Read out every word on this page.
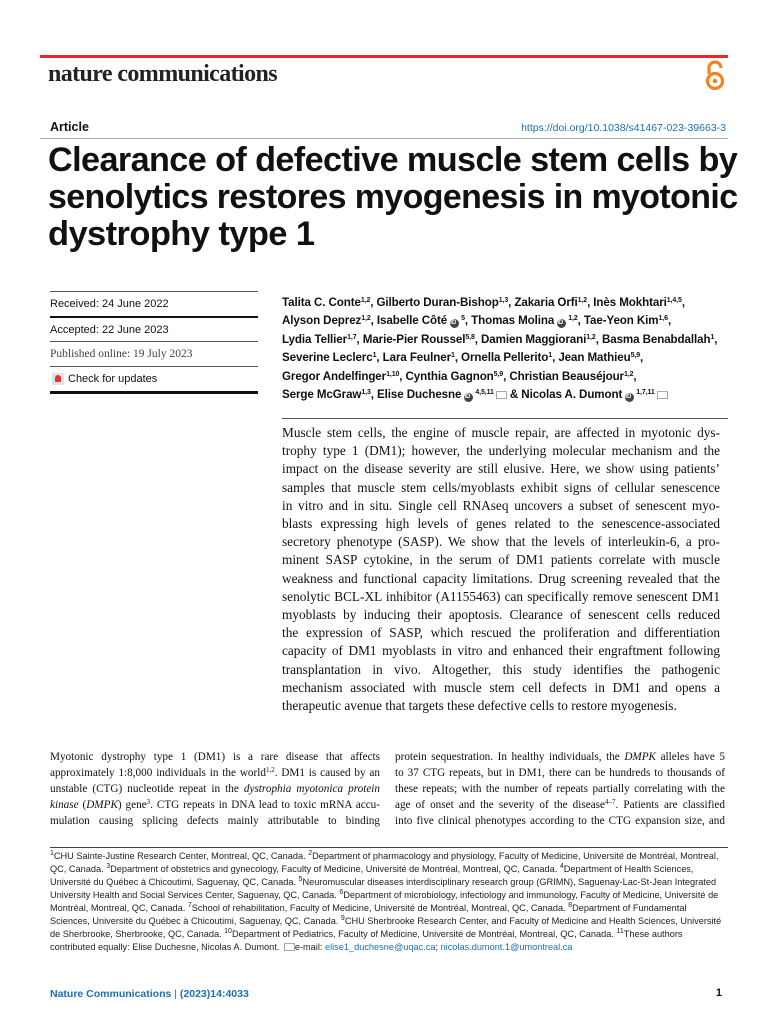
nature communications
Article	https://doi.org/10.1038/s41467-023-39663-3
Clearance of defective muscle stem cells by
senolytics restores myogenesis in myotonic
dystrophy type 1
Received: 24 June 2022
Accepted: 22 June 2023
Published online: 19 July 2023
Check for updates
Talita C. Conte$^{1,2}$, Gilberto Duran-Bishop$^{1,3}$, Zakaria Orfi$^{1,2}$, Inès Mokhtari$^{1,4,5}$,
Alyson Deprez$^{1,2}$, Isabelle Côté iD $^5$, Thomas Molina iD $^{1,2}$, Tae-Yeon Kim$^{1,6}$,
Lydia Tellier$^{1,7}$, Marie-Pier Roussel$^{5,8}$, Damien Maggiorani$^{1,2}$, Basma Benabdallah$^1$,
Severine Leclerc$^1$, Lara Feulner$^1$, Ornella Pellerito$^1$, Jean Mathieu$^{5,9}$,
Gregor Andelfinger$^{1,10}$, Cynthia Gagnon$^{5,9}$, Christian Beauséjour$^{1,2}$,
Serge McGraw$^{1,3}$, Elise Duchesne iD $^{4,5,11}$ & Nicolas A. Dumont iD $^{1,7,11}$
Muscle stem cells, the engine of muscle repair, are affected in myotonic dys-
trophy type 1 (DM1); however, the underlying molecular mechanism and the
impact on the disease severity are still elusive. Here, we show using patients’
samples that muscle stem cells/myoblasts exhibit signs of cellular senescence
in vitro and in situ. Single cell RNAseq uncovers a subset of senescent myo-
blasts expressing high levels of genes related to the senescence-associated
secretory phenotype (SASP). We show that the levels of interleukin-6, a pro-
minent SASP cytokine, in the serum of DM1 patients correlate with muscle
weakness and functional capacity limitations. Drug screening revealed that the
senolytic BCL-XL inhibitor (A1155463) can specifically remove senescent DM1
myoblasts by inducing their apoptosis. Clearance of senescent cells reduced
the expression of SASP, which rescued the proliferation and differentiation
capacity of DM1 myoblasts in vitro and enhanced their engraftment following
transplantation in vivo. Altogether, this study identifies the pathogenic
mechanism associated with muscle stem cell defects in DM1 and opens a
therapeutic avenue that targets these defective cells to restore myogenesis.
Myotonic dystrophy type 1 (DM1) is a rare disease that affects
approximately 1:8,000 individuals in the world$^{1,2}$. DM1 is caused by an
unstable (CTG) nucleotide repeat in the dystrophia myotonica protein
kinase (DMPK) gene$^3$. CTG repeats in DNA lead to toxic mRNA accu-
mulation causing splicing defects mainly attributable to binding
protein sequestration. In healthy individuals, the DMPK alleles have 5
to 37 CTG repeats, but in DM1, there can be hundreds to thousands of
these repeats; with the number of repeats partially correlating with the
age of onset and the severity of the disease$^{4-7}$. Patients are classified
into five clinical phenotypes according to the CTG expansion size, and
$^1$CHU Sainte-Justine Research Center, Montreal, QC, Canada. $^2$Department of pharmacology and physiology, Faculty of Medicine, Université de Montréal, Montreal, QC, Canada. $^3$Department of obstetrics and gynecology, Faculty of Medicine, Université de Montréal, Montreal, QC, Canada. $^4$Department of Health Sciences, Université du Québec à Chicoutimi, Saguenay, QC, Canada. $^5$Neuromuscular diseases interdisciplinary research group (GRIMN), Saguenay-Lac-St-Jean Integrated University Health and Social Services Center, Saguenay, QC, Canada. $^6$Department of microbiology, infectiology and immunology, Faculty of Medicine, Université de Montréal, Montreal, QC, Canada. $^7$School of rehabilitation, Faculty of Medicine, Université de Montréal, Montreal, QC, Canada. $^8$Department of Fundamental Sciences, Université du Québec à Chicoutimi, Saguenay, QC, Canada. $^9$CHU Sherbrooke Research Center, and Faculty of Medicine and Health Sciences, Université de Sherbrooke, Sherbrooke, QC, Canada. $^{10}$Department of Pediatrics, Faculty of Medicine, Université de Montréal, Montreal, QC, Canada. $^{11}$These authors contributed equally: Elise Duchesne, Nicolas A. Dumont. e-mail: elise1_duchesne@uqac.ca; nicolas.dumont.1@umontreal.ca
Nature Communications | (2023)14:4033	1
